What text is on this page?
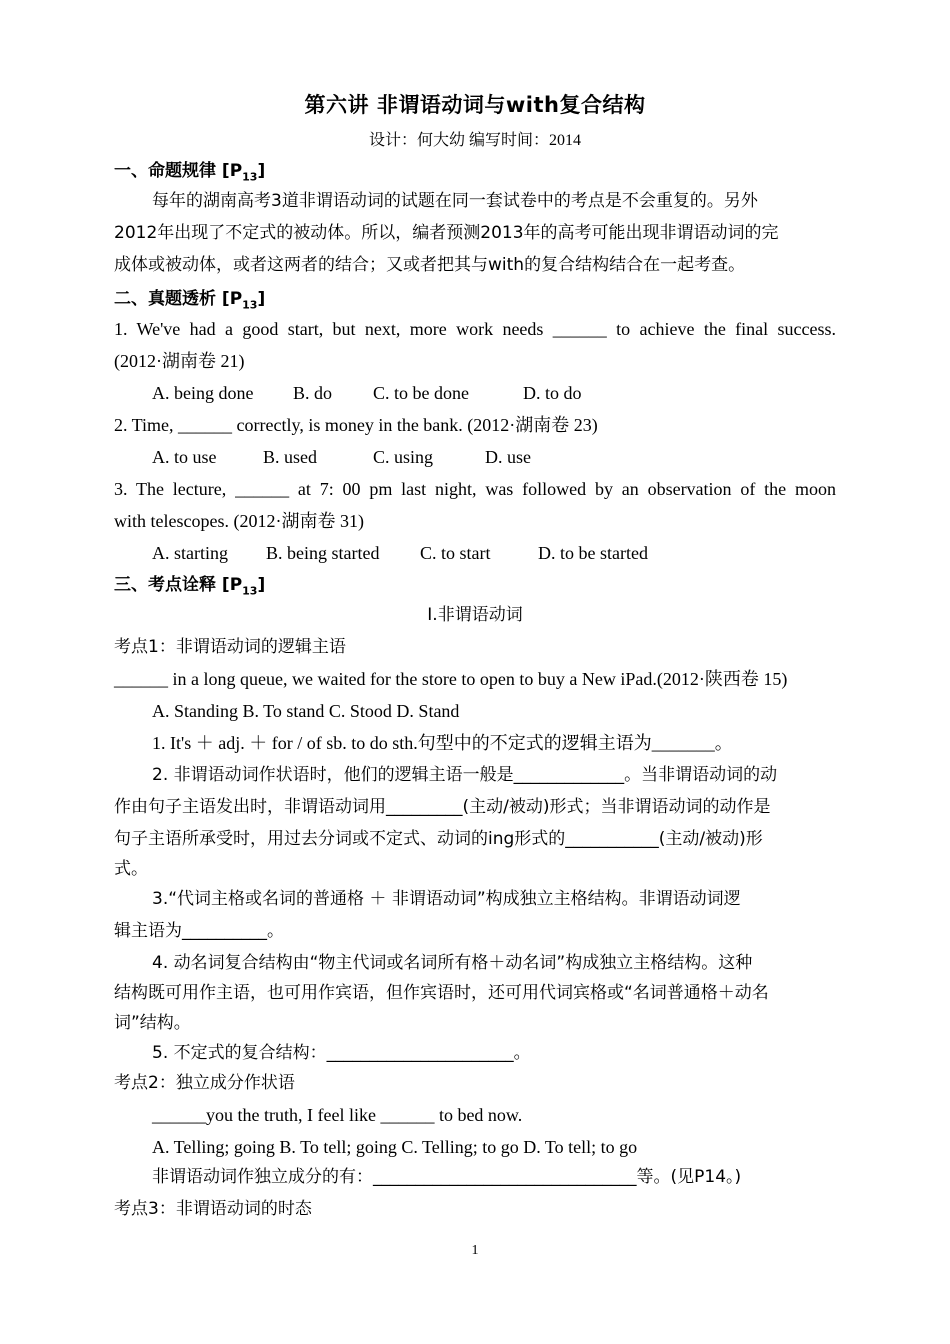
第六讲 非谓语动词与with复合结构
设计：何大幼 编写时间：2014
一、命题规律 $[P_{13}]$
每年的湖南高考3道非谓语动词的试题在同一套试卷中的考点是不会重复的。另外
2012年出现了不定式的被动体。所以，编者预测2013年的高考可能出现非谓语动词的完
成体或被动体，或者这两者的结合；又或者把其与with的复合结构结合在一起考查。
二、真题透析 $[P_{13}]$
1. We've had a good start, but next, more work needs ______ to achieve the final success.
(2012·湖南卷 21)
A. being done B. do C. to be done	D. to do
2. Time, ______ correctly, is money in the bank. (2012·湖南卷 23)
A. to use	B. used	C. using	D. use
3. The lecture, ______ at 7: 00 pm last night, was followed by an observation of the moon
with telescopes. (2012·湖南卷 31)
A. starting B. being started C. to start	D. to be started
三、考点诠释 $[P_{13}]$
Ⅰ.非谓语动词
考点1：非谓语动词的逻辑主语
______ in a long queue, we waited for the store to open to buy a New iPad.(2012·陕西卷 15)
A. Standing B. To stand C. Stood D. Stand
1. It's ＋ adj. ＋ for / of sb. to do sth.句型中的不定式的逻辑主语为_______。
2. 非谓语动词作状语时，他们的逻辑主语一般是_____________。当非谓语动词的动
作由句子主语发出时，非谓语动词用_________(主动/被动)形式；当非谓语动词的动作是
句子主语所承受时，用过去分词或不定式、动词的ing形式的___________(主动/被动)形
式。
3.“代词主格或名词的普通格 ＋ 非谓语动词”构成独立主格结构。非谓语动词逻
辑主语为__________。
4. 动名词复合结构由“物主代词或名词所有格＋动名词”构成独立主格结构。这种
结构既可用作主语，也可用作宾语，但作宾语时，还可用代词宾格或“名词普通格＋动名
词”结构。
5. 不定式的复合结构：______________________。
考点2：独立成分作状语
______you the truth, I feel like ______ to bed now.
A. Telling; going B. To tell; going C. Telling; to go D. To tell; to go
非谓语动词作独立成分的有：_______________________________等。(见P14。)
考点3：非谓语动词的时态
1
